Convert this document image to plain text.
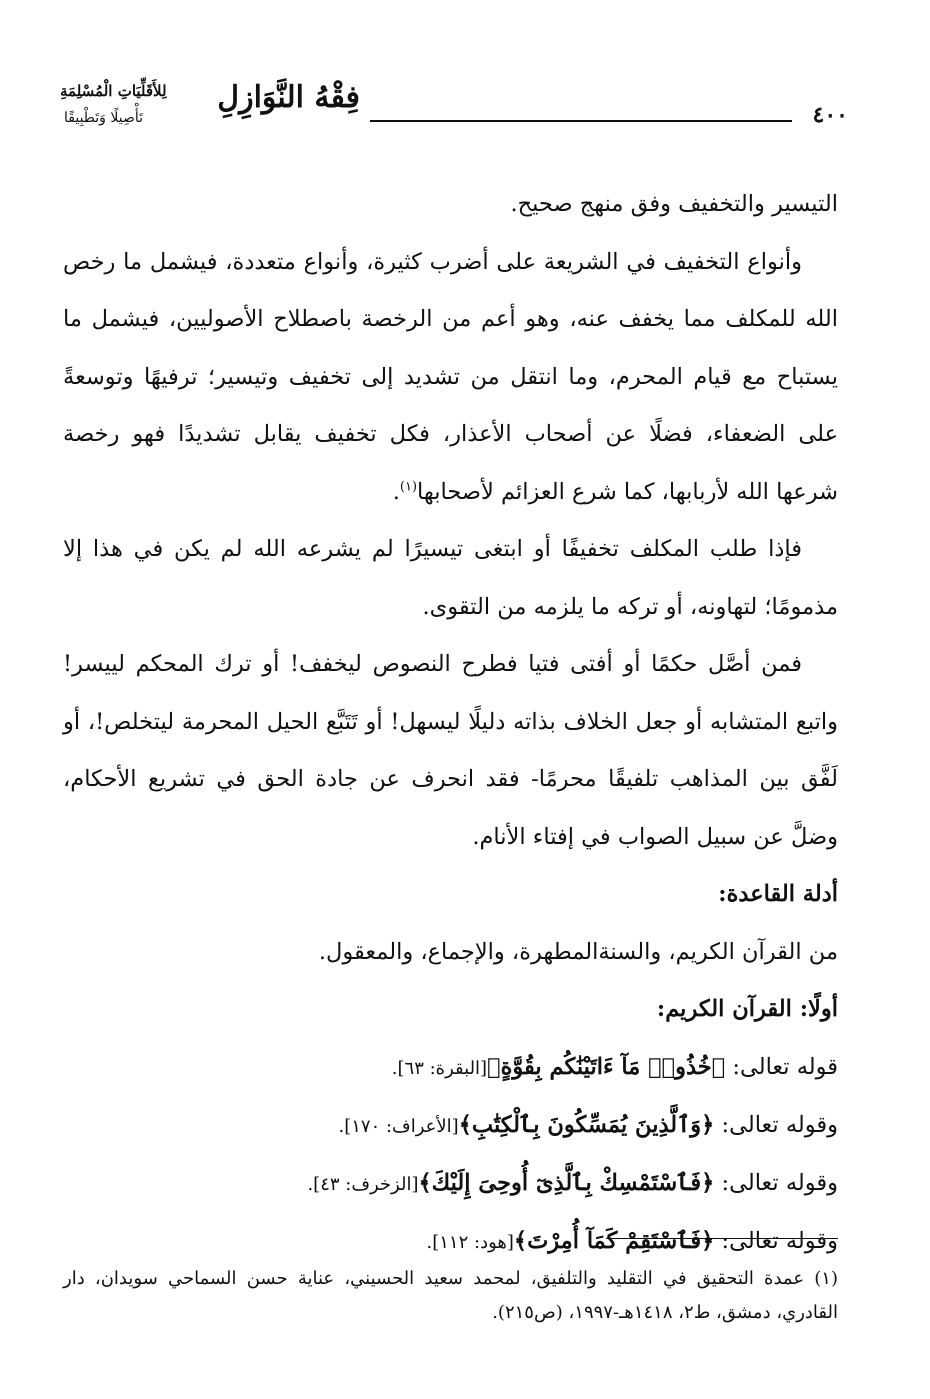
٤٠٠
فِقْهُ النَّوَازِلِ
لِلأَقَلِّيَاتِ الْمُسْلِمَةِ
تَأْصِيلًا وَتَطْبِيقًا

التيسير والتخفيف وفق منهج صحيح.

وأنواع التخفيف في الشريعة على أضرب كثيرة، وأنواع متعددة، فيشمل ما رخص الله للمكلف مما يخفف عنه، وهو أعم من الرخصة باصطلاح الأصوليين، فيشمل ما يستباح مع قيام المحرم، وما انتقل من تشديد إلى تخفيف وتيسير؛ ترفيهًا وتوسعةً على الضعفاء، فضلًا عن أصحاب الأعذار، فكل تخفيف يقابل تشديدًا فهو رخصة شرعها الله لأربابها، كما شرع العزائم لأصحابها$^{(١)}$.

فإذا طلب المكلف تخفيفًا أو ابتغى تيسيرًا لم يشرعه الله لم يكن في هذا إلا مذمومًا؛ لتهاونه، أو تركه ما يلزمه من التقوى.

فمن أصَّل حكمًا أو أفتى فتيا فطرح النصوص ليخفف! أو ترك المحكم لييسر! واتبع المتشابه أو جعل الخلاف بذاته دليلًا ليسهل! أو تَتَبَّع الحيل المحرمة ليتخلص!، أو لَفَّق بين المذاهب تلفيقًا محرمًا- فقد انحرف عن جادة الحق في تشريع الأحكام، وضلَّ عن سبيل الصواب في إفتاء الأنام.

أدلة القاعدة:

من القرآن الكريم، والسنةالمطهرة، والإجماع، والمعقول.

أولًا: القرآن الكريم:

قوله تعالى: ﴿خُذُوا۟ مَآ ءَاتَيْنَٰكُم بِقُوَّةٍ﴾[البقرة: ٦٣].

وقوله تعالى: ﴿وَٱلَّذِينَ يُمَسِّكُونَ بِٱلْكِتَٰبِ﴾[الأعراف: ١٧٠].

وقوله تعالى: ﴿فَٱسْتَمْسِكْ بِٱلَّذِىٓ أُوحِىَ إِلَيْكَ﴾[الزخرف: ٤٣].

وقوله تعالى: ﴿فَٱسْتَقِمْ كَمَآ أُمِرْتَ﴾[هود: ١١٢].

(١) عمدة التحقيق في التقليد والتلفيق، لمحمد سعيد الحسيني، عناية حسن السماحي سويدان، دار القادري، دمشق، ط٢، ١٤١٨هـ-١٩٩٧، (ص٢١٥).
